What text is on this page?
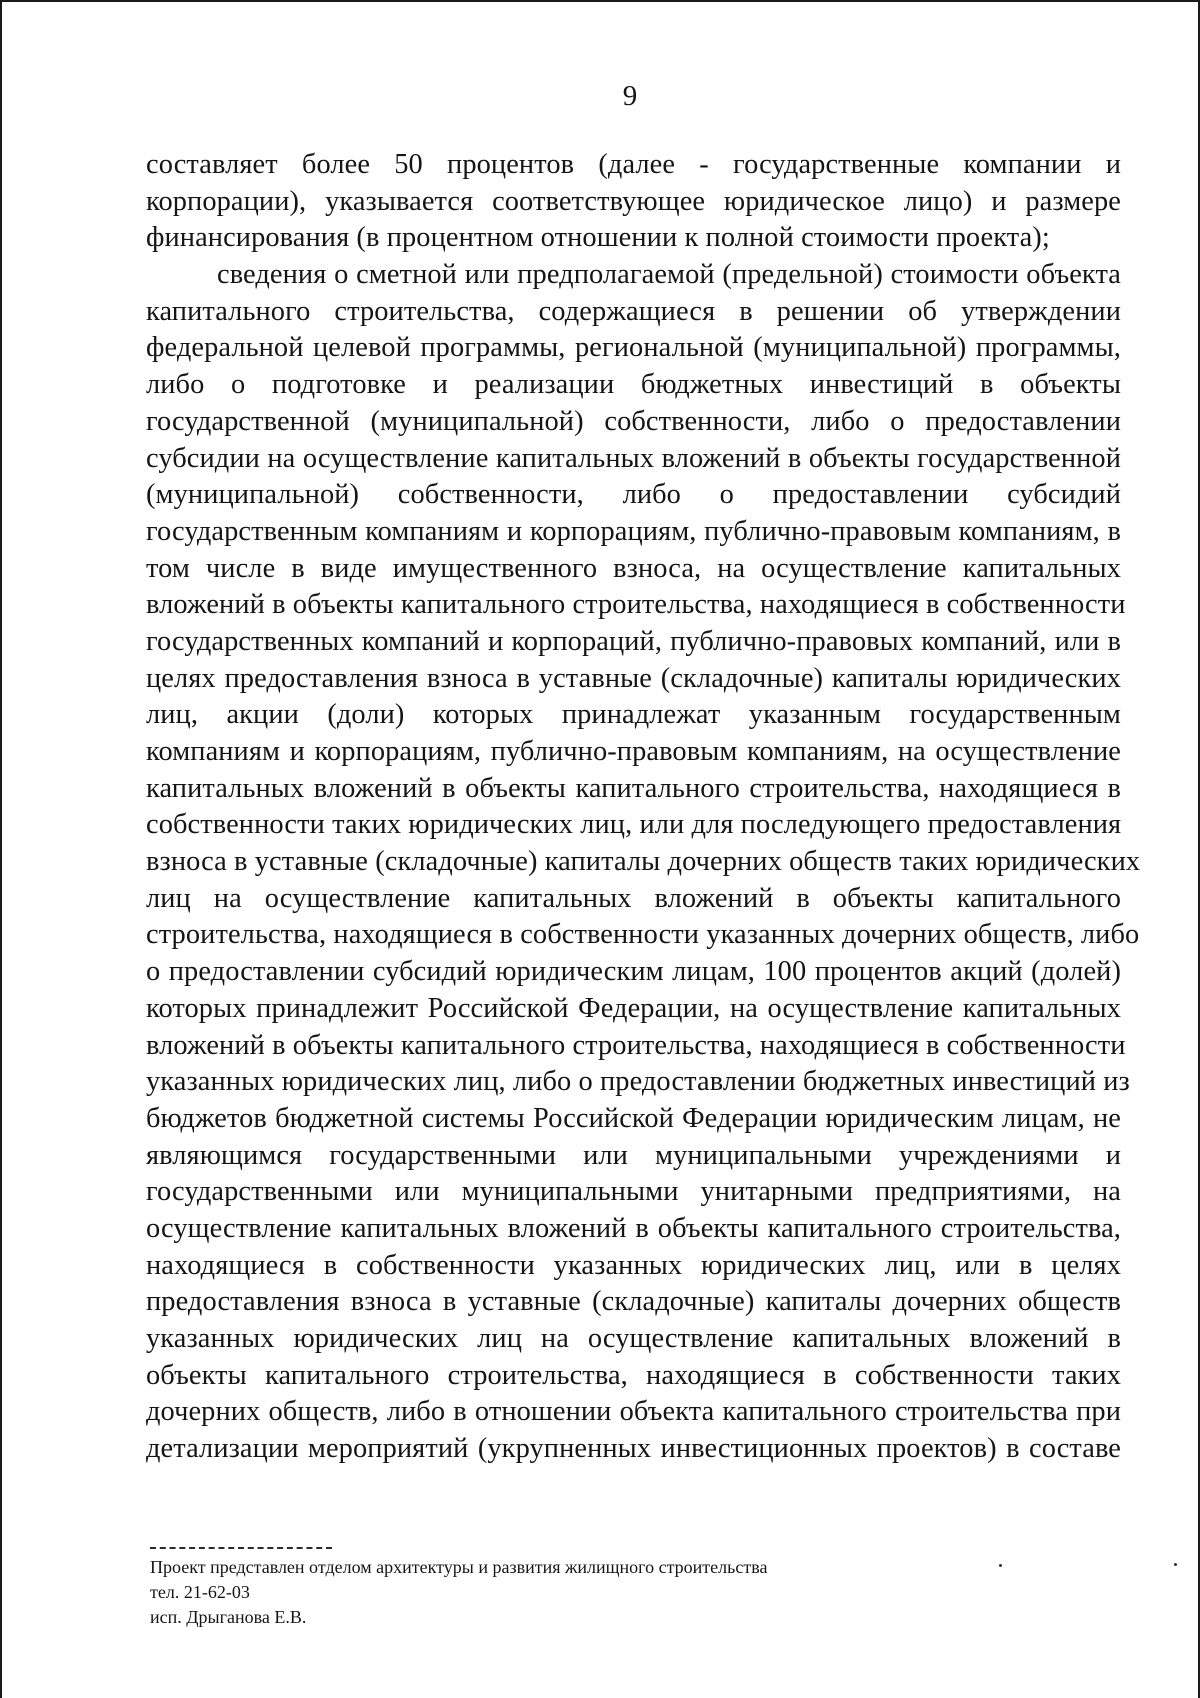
9
составляет более 50 процентов (далее - государственные компании и
корпорации), указывается соответствующее юридическое лицо) и размере
финансирования (в процентном отношении к полной стоимости проекта);
сведения о сметной или предполагаемой (предельной) стоимости объекта
капитального строительства, содержащиеся в решении об утверждении
федеральной целевой программы, региональной (муниципальной) программы,
либо о подготовке и реализации бюджетных инвестиций в объекты
государственной (муниципальной) собственности, либо о предоставлении
субсидии на осуществление капитальных вложений в объекты государственной
(муниципальной) собственности, либо о предоставлении субсидий
государственным компаниям и корпорациям, публично-правовым компаниям, в
том числе в виде имущественного взноса, на осуществление капитальных
вложений в объекты капитального строительства, находящиеся в собственности
государственных компаний и корпораций, публично-правовых компаний, или в
целях предоставления взноса в уставные (складочные) капиталы юридических
лиц, акции (доли) которых принадлежат указанным государственным
компаниям и корпорациям, публично-правовым компаниям, на осуществление
капитальных вложений в объекты капитального строительства, находящиеся в
собственности таких юридических лиц, или для последующего предоставления
взноса в уставные (складочные) капиталы дочерних обществ таких юридических
лиц на осуществление капитальных вложений в объекты капитального
строительства, находящиеся в собственности указанных дочерних обществ, либо
о предоставлении субсидий юридическим лицам, 100 процентов акций (долей)
которых принадлежит Российской Федерации, на осуществление капитальных
вложений в объекты капитального строительства, находящиеся в собственности
указанных юридических лиц, либо о предоставлении бюджетных инвестиций из
бюджетов бюджетной системы Российской Федерации юридическим лицам, не
являющимся государственными или муниципальными учреждениями и
государственными или муниципальными унитарными предприятиями, на
осуществление капитальных вложений в объекты капитального строительства,
находящиеся в собственности указанных юридических лиц, или в целях
предоставления взноса в уставные (складочные) капиталы дочерних обществ
указанных юридических лиц на осуществление капитальных вложений в
объекты капитального строительства, находящиеся в собственности таких
дочерних обществ, либо в отношении объекта капитального строительства при
детализации мероприятий (укрупненных инвестиционных проектов) в составе
Проект представлен отделом архитектуры и развития жилищного строительства
тел. 21-62-03
исп. Дрыганова Е.В.
